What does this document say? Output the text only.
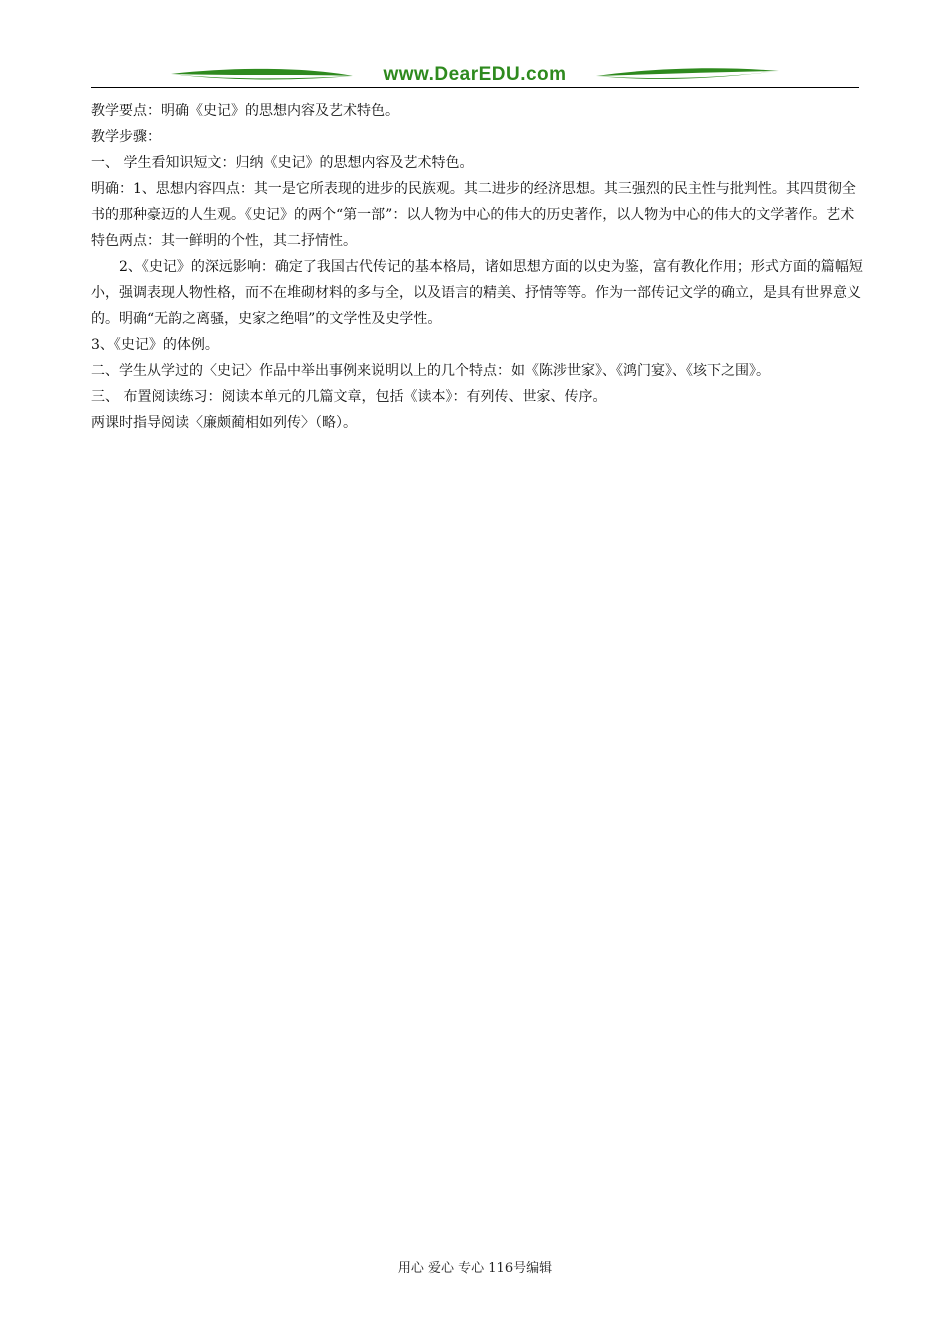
www.DearEDU.com

教学要点：明确《史记》的思想内容及艺术特色。

教学步骤：

一、 学生看知识短文：归纳《史记》的思想内容及艺术特色。

明确：1、思想内容四点：其一是它所表现的进步的民族观。其二进步的经济思想。其三强烈的民主性与批判性。其四贯彻全书的那种豪迈的人生观。《史记》的两个“第一部”：以人物为中心的伟大的历史著作，以人物为中心的伟大的文学著作。艺术特色两点：其一鲜明的个性，其二抒情性。

2、《史记》的深远影响：确定了我国古代传记的基本格局，诸如思想方面的以史为鉴，富有教化作用；形式方面的篇幅短小，强调表现人物性格，而不在堆砌材料的多与全，以及语言的精美、抒情等等。作为一部传记文学的确立，是具有世界意义的。明确“无韵之离骚，史家之绝唱”的文学性及史学性。

3、《史记》的体例。

二、学生从学过的〈史记〉作品中举出事例来说明以上的几个特点：如《陈涉世家》、《鸿门宴》、《垓下之围》。

三、 布置阅读练习：阅读本单元的几篇文章，包括《读本》：有列传、世家、传序。

两课时指导阅读〈廉颇蔺相如列传〉（略）。

用心 爱心 专心 116号编辑
